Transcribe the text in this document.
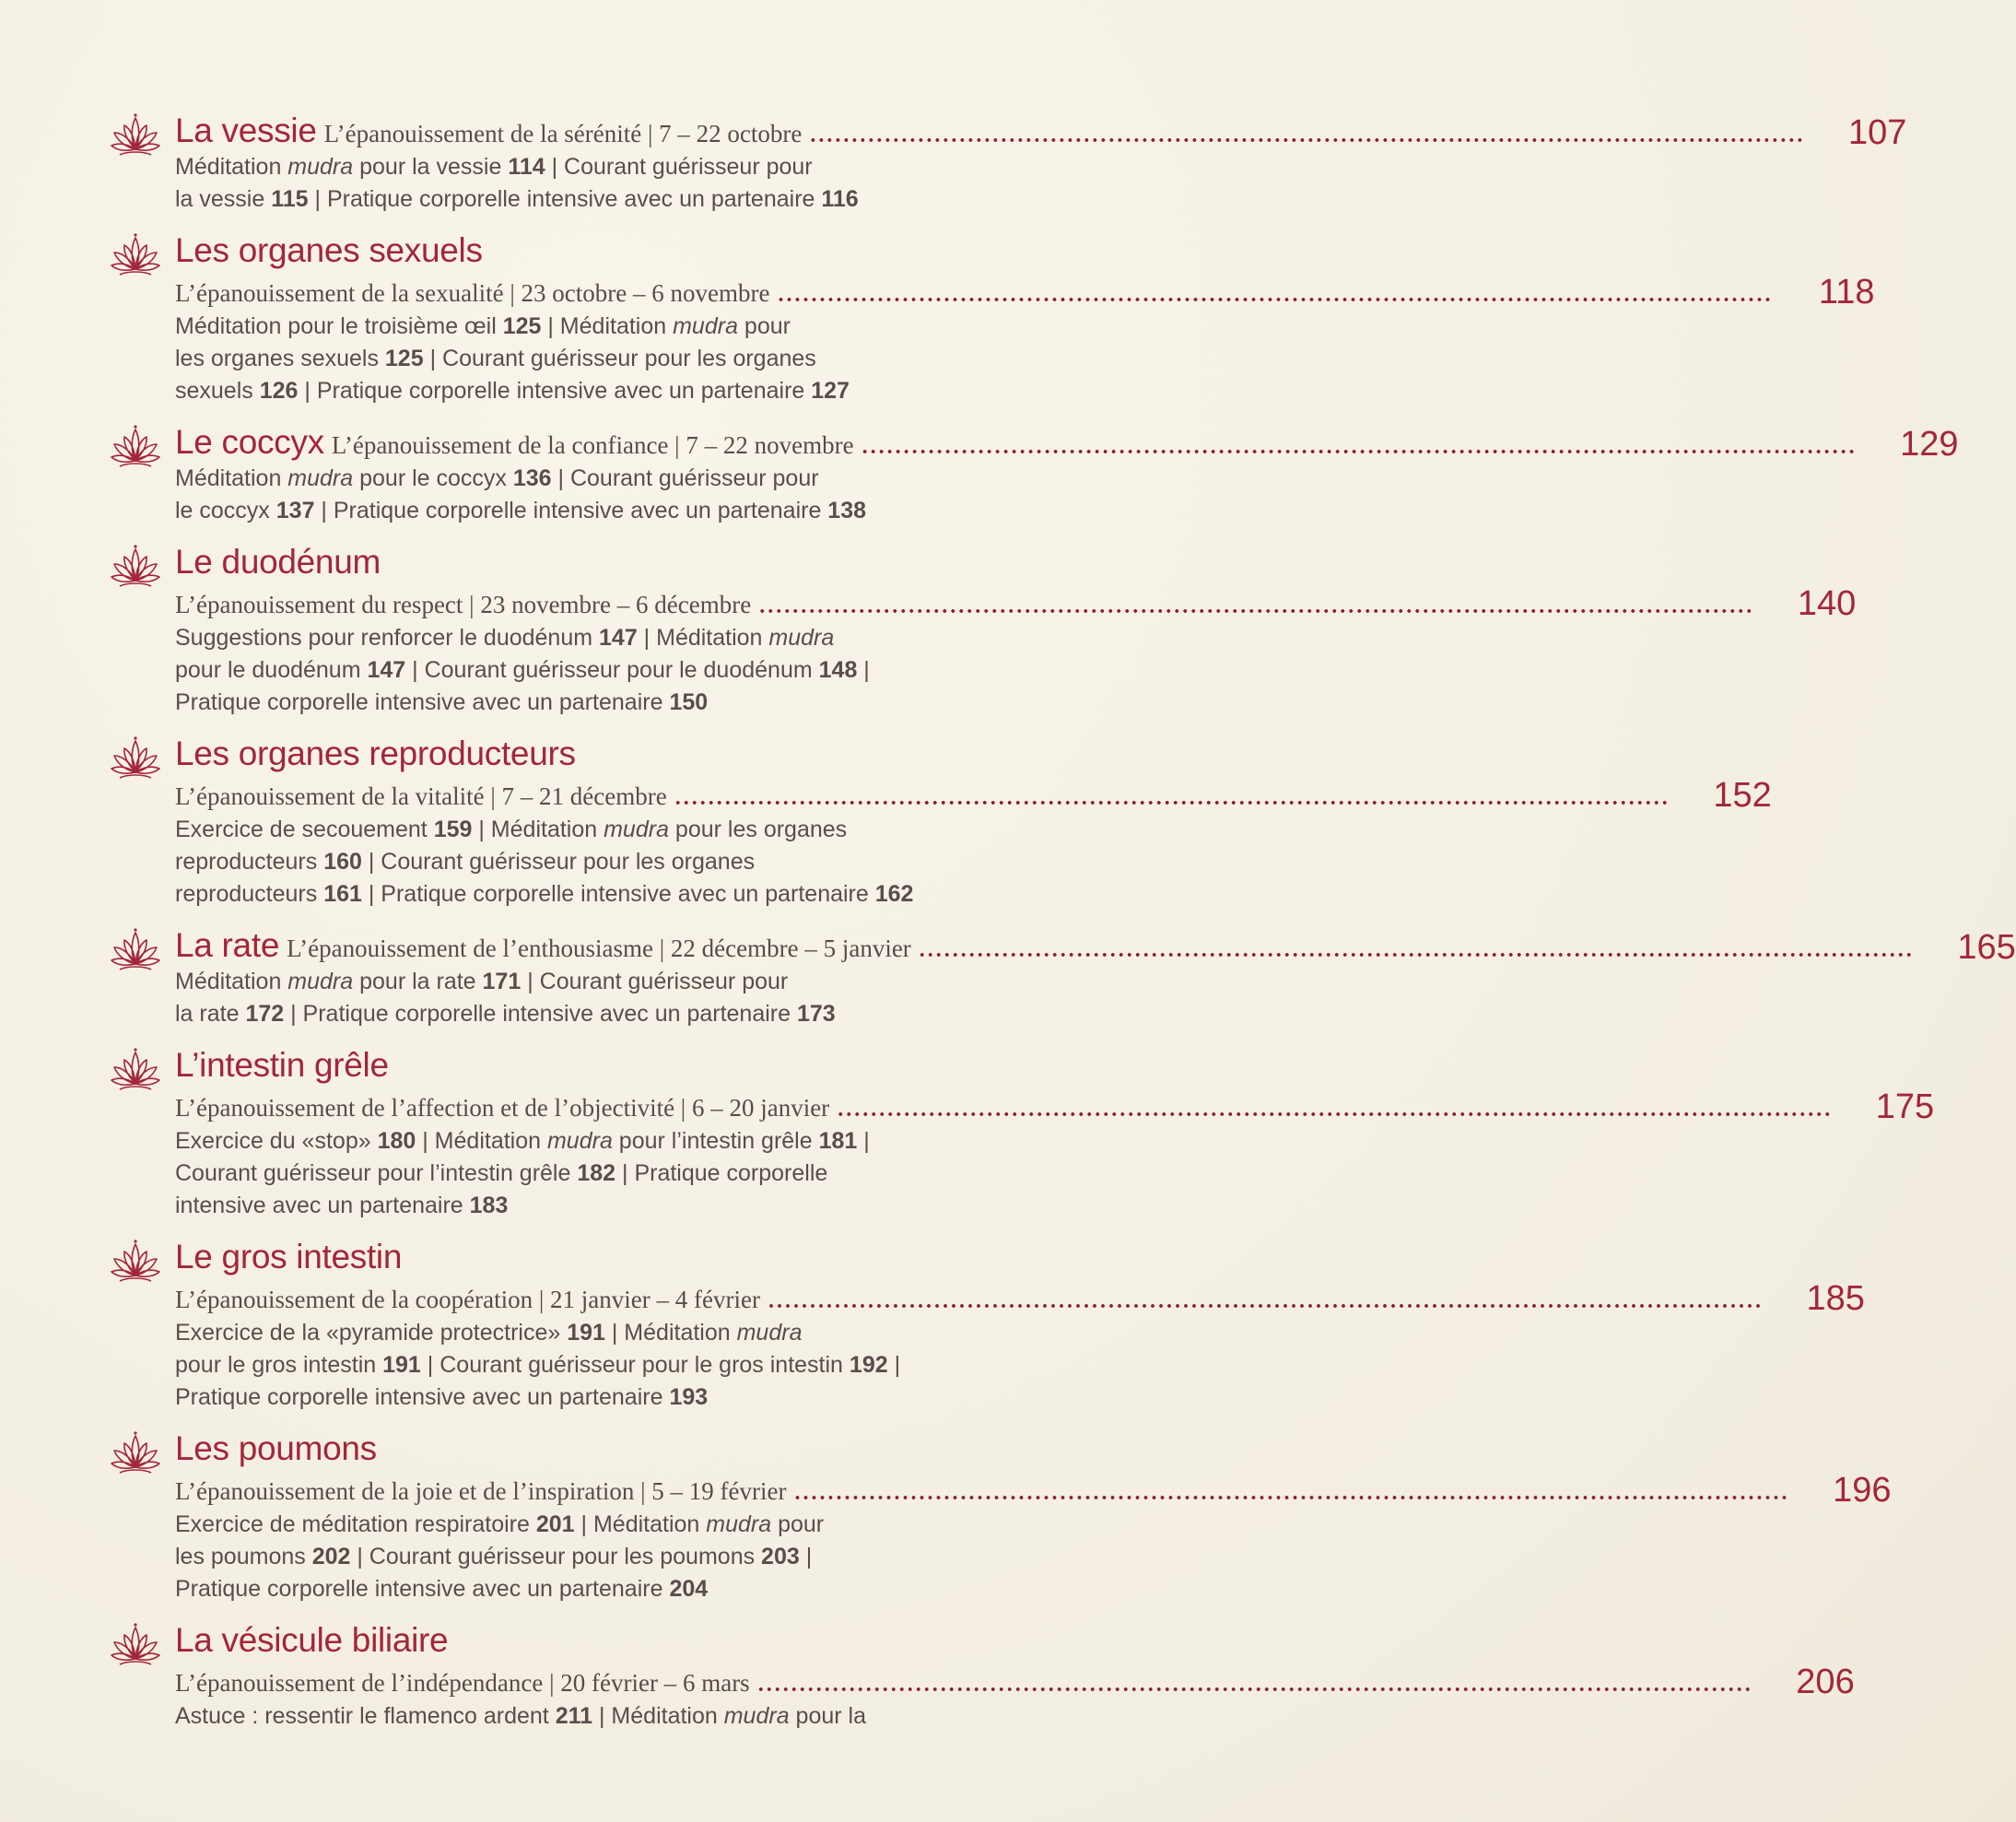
La vessie L’épanouissement de la sérénité | 7 – 22 octobre ........................................................................................................................	107
Méditation mudra pour la vessie 114 | Courant guérisseur pour
la vessie 115 | Pratique corporelle intensive avec un partenaire 116
Les organes sexuels
L’épanouissement de la sexualité | 23 octobre – 6 novembre ........................................................................................................................	118
Méditation pour le troisième œil 125 | Méditation mudra pour
les organes sexuels 125 | Courant guérisseur pour les organes
sexuels 126 | Pratique corporelle intensive avec un partenaire 127
Le coccyx L’épanouissement de la confiance | 7 – 22 novembre ........................................................................................................................	129
Méditation mudra pour le coccyx 136 | Courant guérisseur pour
le coccyx 137 | Pratique corporelle intensive avec un partenaire 138
Le duodénum
L’épanouissement du respect | 23 novembre – 6 décembre ........................................................................................................................	140
Suggestions pour renforcer le duodénum 147 | Méditation mudra
pour le duodénum 147 | Courant guérisseur pour le duodénum 148 |
Pratique corporelle intensive avec un partenaire 150
Les organes reproducteurs
L’épanouissement de la vitalité | 7 – 21 décembre ........................................................................................................................	152
Exercice de secouement 159 | Méditation mudra pour les organes
reproducteurs 160 | Courant guérisseur pour les organes
reproducteurs 161 | Pratique corporelle intensive avec un partenaire 162
La rate L’épanouissement de l’enthousiasme | 22 décembre – 5 janvier ........................................................................................................................	165
Méditation mudra pour la rate 171 | Courant guérisseur pour
la rate 172 | Pratique corporelle intensive avec un partenaire 173
L’intestin grêle
L’épanouissement de l’affection et de l’objectivité | 6 – 20 janvier ........................................................................................................................	175
Exercice du «stop» 180 | Méditation mudra pour l’intestin grêle 181 |
Courant guérisseur pour l’intestin grêle 182 | Pratique corporelle
intensive avec un partenaire 183
Le gros intestin
L’épanouissement de la coopération | 21 janvier – 4 février ........................................................................................................................	185
Exercice de la «pyramide protectrice» 191 | Méditation mudra
pour le gros intestin 191 | Courant guérisseur pour le gros intestin 192 |
Pratique corporelle intensive avec un partenaire 193
Les poumons
L’épanouissement de la joie et de l’inspiration | 5 – 19 février ........................................................................................................................	196
Exercice de méditation respiratoire 201 | Méditation mudra pour
les poumons 202 | Courant guérisseur pour les poumons 203 |
Pratique corporelle intensive avec un partenaire 204
La vésicule biliaire
L’épanouissement de l’indépendance | 20 février – 6 mars ........................................................................................................................	206
Astuce : ressentir le flamenco ardent 211 | Méditation mudra pour la
